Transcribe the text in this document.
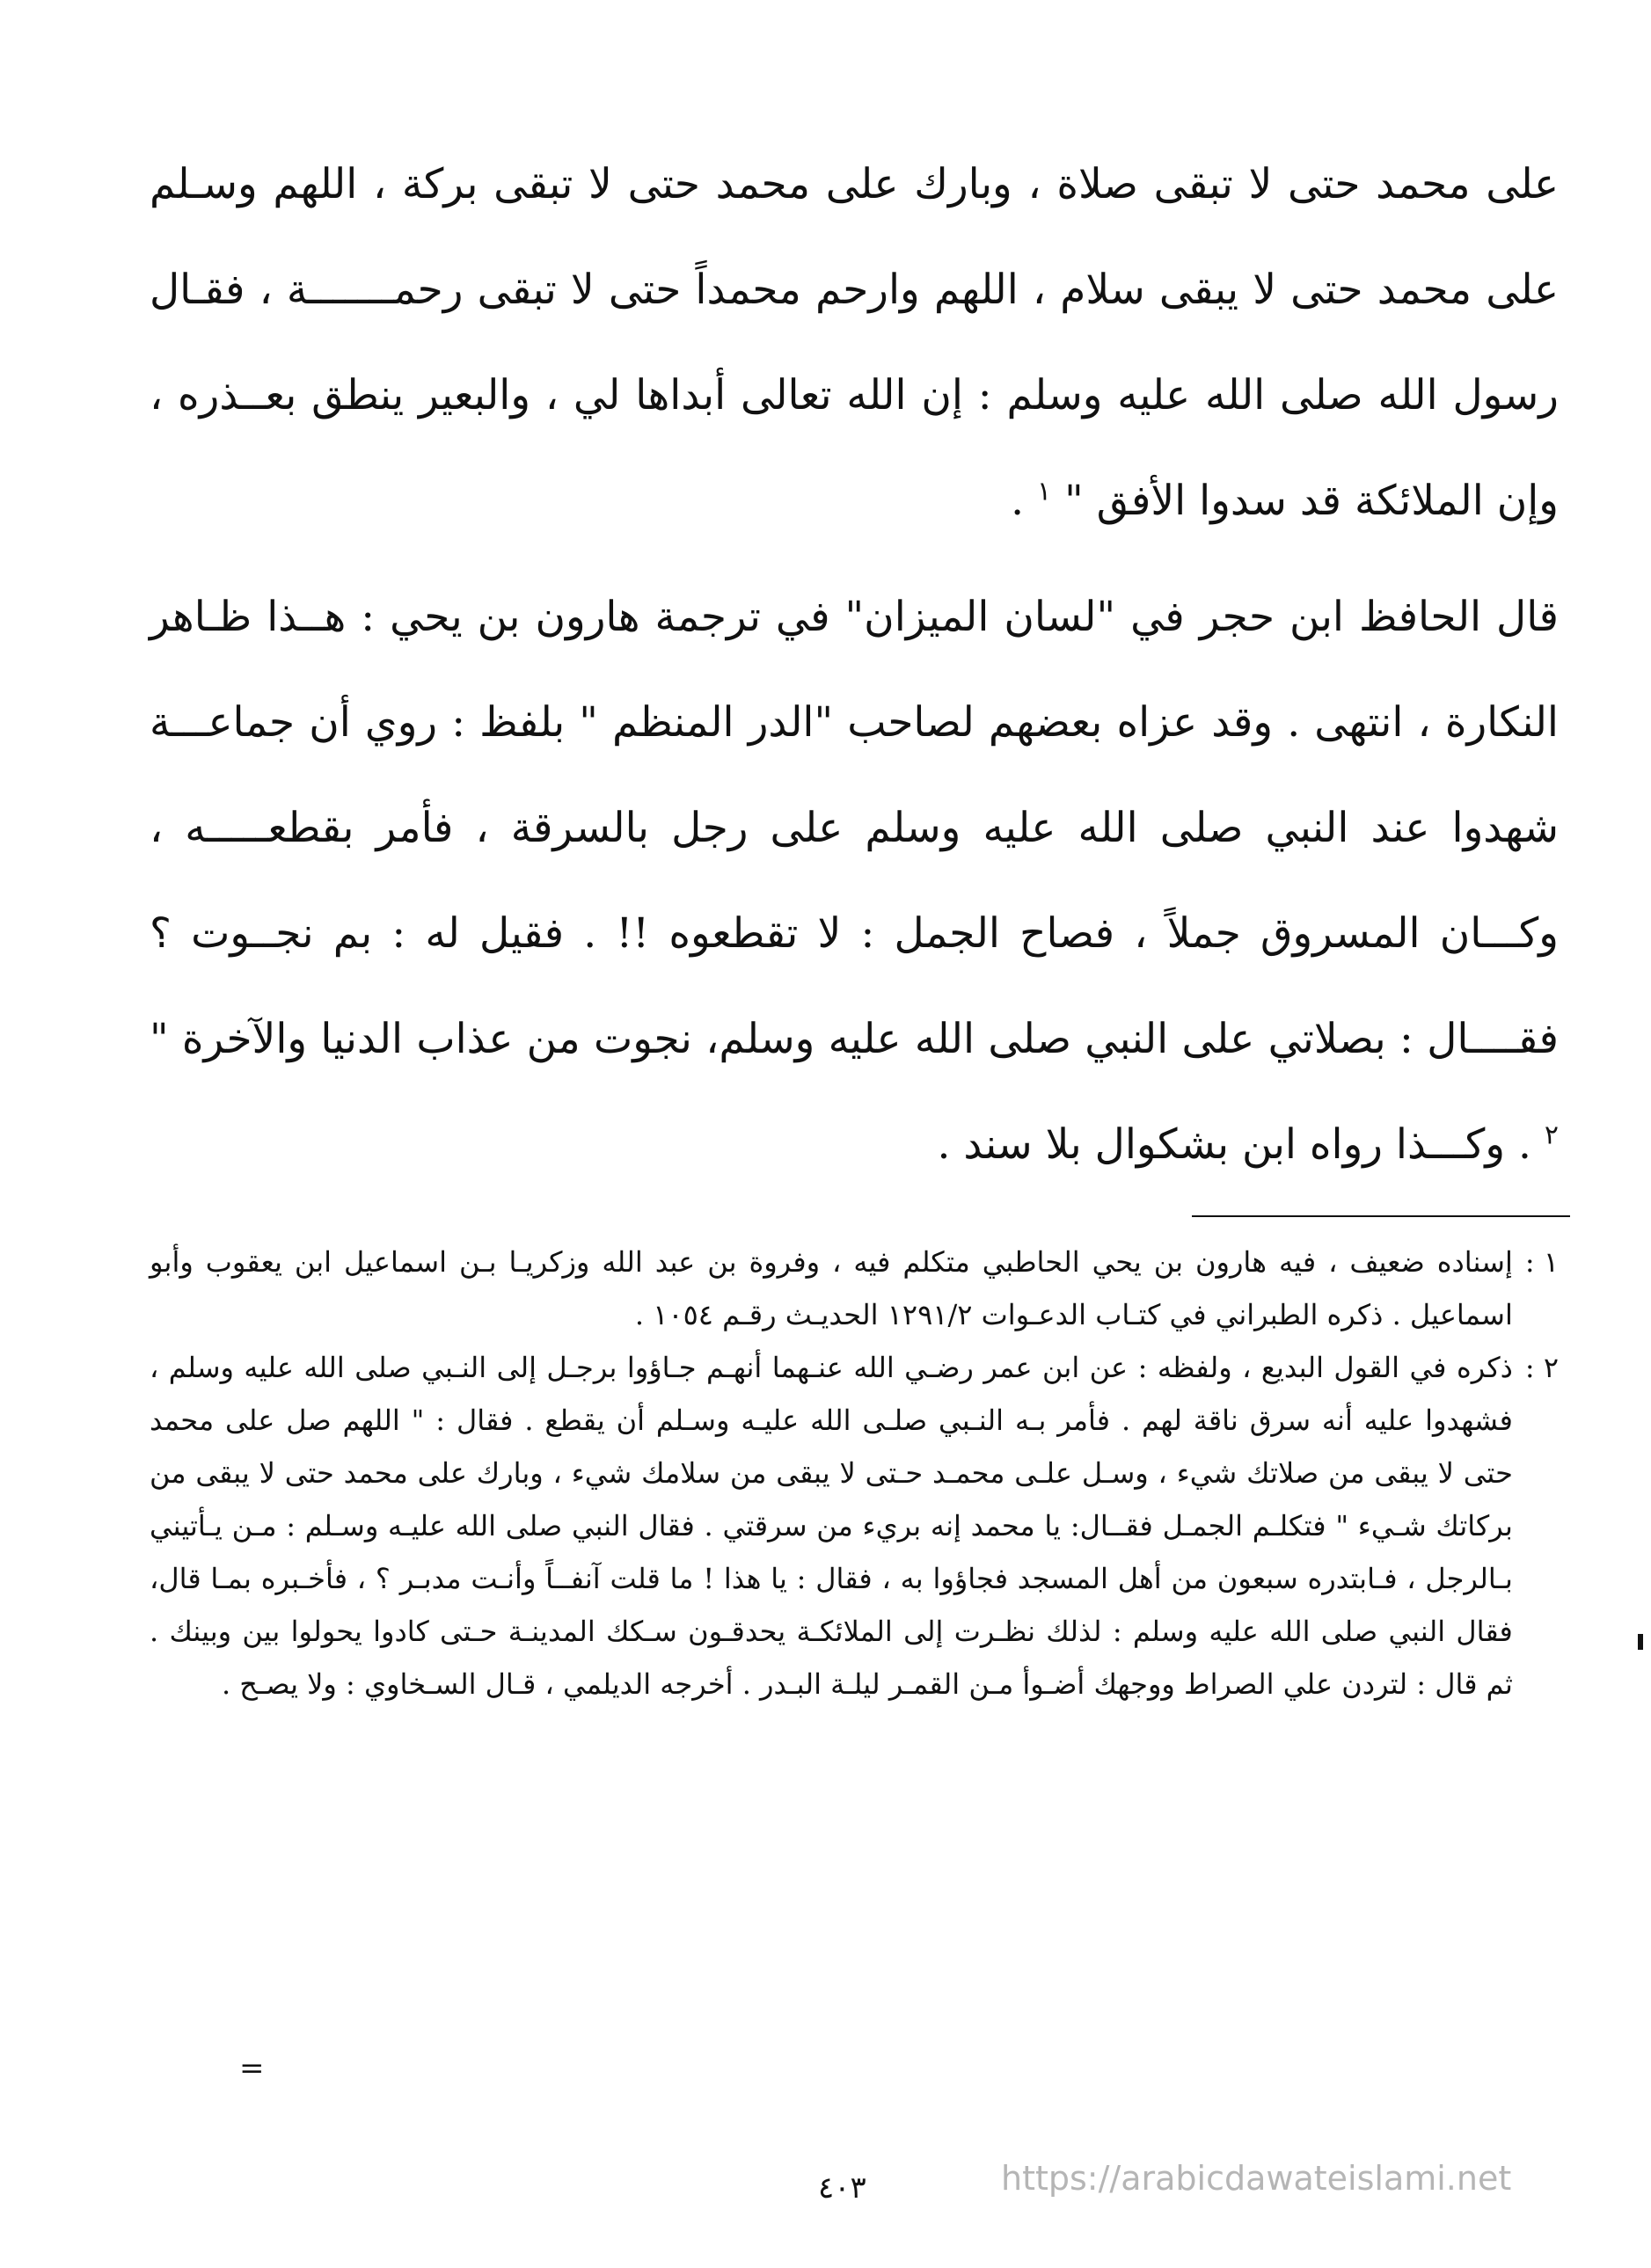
على محمد حتى لا تبقى صلاة ، وبارك على محمد حتى لا تبقى بركة ، اللهم وسـلم على محمد حتى لا يبقى سلام ، اللهم وارحم محمداً حتى لا تبقى رحمـــــــة ، فقـال رسول الله صلى الله عليه وسلم : إن الله تعالى أبداها لي ، والبعير ينطق بعــذره ، وإن الملائكة قد سدوا الأفق " $^١$ .

قال الحافظ ابن حجر في "لسان الميزان" في ترجمة هارون بن يحي : هــذا ظـاهر النكارة ، انتهى . وقد عزاه بعضهم لصاحب "الدر المنظم " بلفظ : روي أن جماعـــة شهدوا عند النبي صلى الله عليه وسلم على رجل بالسرقة ، فأمر بقطعـــــه ، وكـــان المسروق جملاً ، فصاح الجمل : لا تقطعوه !! . فقيل له : بم نجــوت ؟ فقــــال : بصلاتي على النبي صلى الله عليه وسلم، نجوت من عذاب الدنيا والآخرة " $^٢$ . وكـــذا رواه ابن بشكوال بلا سند .

١ :
إسناده ضعيف ، فيه هارون بن يحي الحاطبي متكلم فيه ، وفروة بن عبد الله وزكريـا بـن اسماعيل ابن يعقوب وأبو اسماعيل . ذكره الطبراني في كتـاب الدعـوات ١٢٩١/٢ الحديـث رقـم ١٠٥٤ .
٢ :
ذكره في القول البديع ، ولفظه : عن ابن عمر رضـي الله عنـهما أنهـم جـاؤوا برجـل إلى النـبي صلى الله عليه وسلم ، فشهدوا عليه أنه سرق ناقة لهم . فأمر بـه النـبي صلـى الله عليـه وسـلم أن يقطع . فقال : " اللهم صل على محمد حتى لا يبقى من صلاتك شيء ، وسـل علـى محمـد حـتى لا يبقى من سلامك شيء ، وبارك على محمد حتى لا يبقى من بركاتك شـيء " فتكلـم الجمـل فقــال: يا محمد إنه بريء من سرقتي . فقال النبي صلى الله عليـه وسـلم : مـن يـأتيني بـالرجل ، فـابتدره سبعون من أهل المسجد فجاؤوا به ، فقال : يا هذا ! ما قلت آنفــاً وأنـت مدبـر ؟ ، فأخـبره بمـا قال، فقال النبي صلى الله عليه وسلم : لذلك نظـرت إلى الملائكـة يحدقـون سـكك المدينـة حـتى كادوا يحولوا بين وبينك . ثم قال : لتردن علي الصراط ووجهك أضـوأ مـن القمـر ليلـة البـدر . أخرجه الديلمي ، قـال السـخاوي : ولا يصـح .
=
٤٠٣	https://arabicdawateislami.net
